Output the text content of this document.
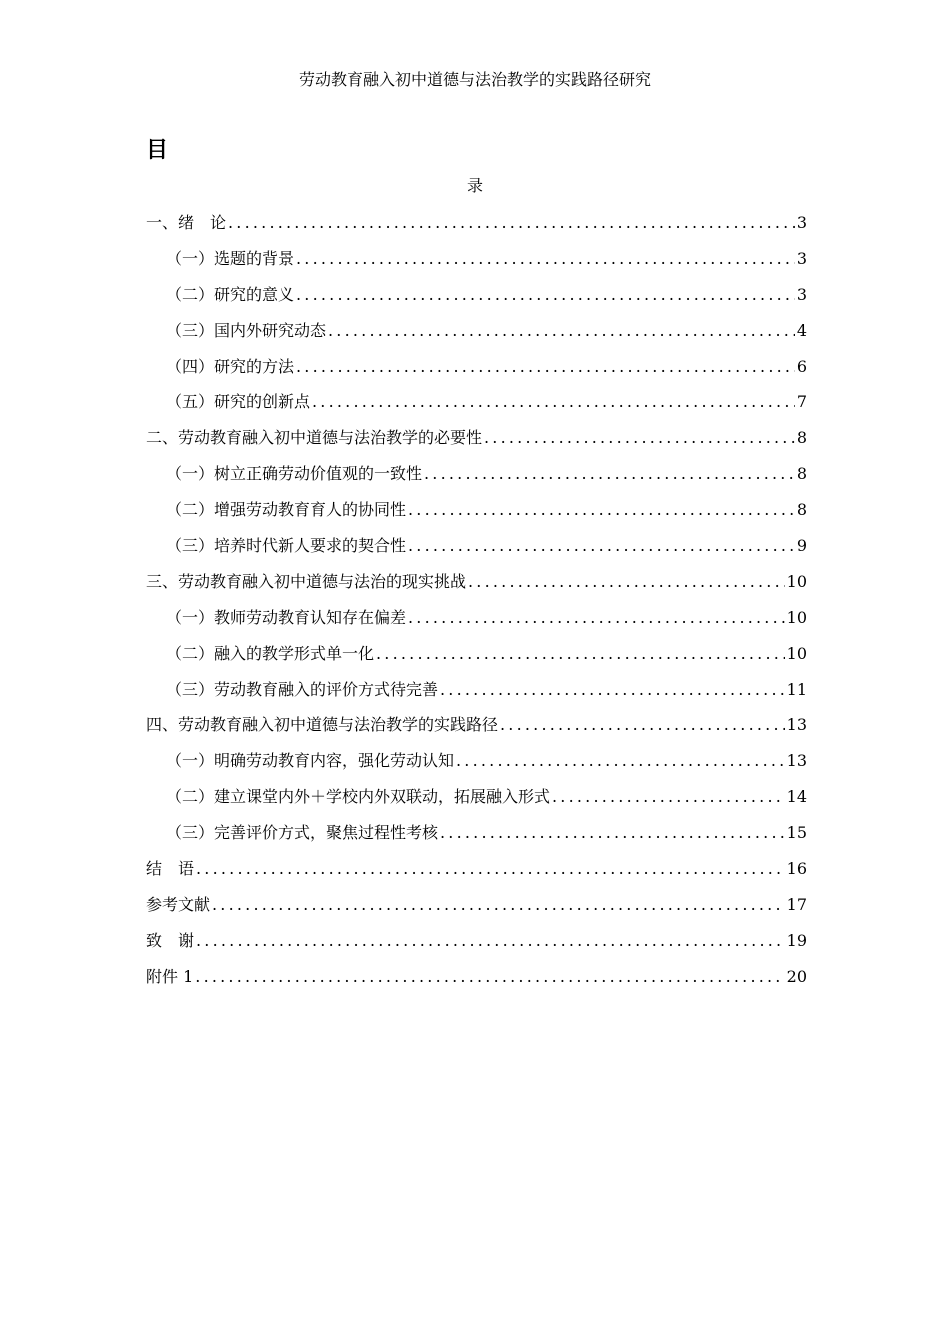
劳动教育融入初中道德与法治教学的实践路径研究
目
录
一、绪　论 .....	3
（一）选题的背景 .....	3
（二）研究的意义 .....	3
（三）国内外研究动态 .....	4
（四）研究的方法 .....	6
（五）研究的创新点 .....	7
二、劳动教育融入初中道德与法治教学的必要性 .....	8
（一）树立正确劳动价值观的一致性 .....	8
（二）增强劳动教育育人的协同性 .....	8
（三）培养时代新人要求的契合性 .....	9
三、劳动教育融入初中道德与法治的现实挑战 .....	10
（一）教师劳动教育认知存在偏差 .....	10
（二）融入的教学形式单一化 .....	10
（三）劳动教育融入的评价方式待完善 .....	11
四、劳动教育融入初中道德与法治教学的实践路径 .....	13
（一）明确劳动教育内容，强化劳动认知 .....	13
（二）建立课堂内外＋学校内外双联动，拓展融入形式 .....	14
（三）完善评价方式，聚焦过程性考核 .....	15
结　语 .....	16
参考文献 .....	17
致　谢 .....	19
附件 1 .....	20
